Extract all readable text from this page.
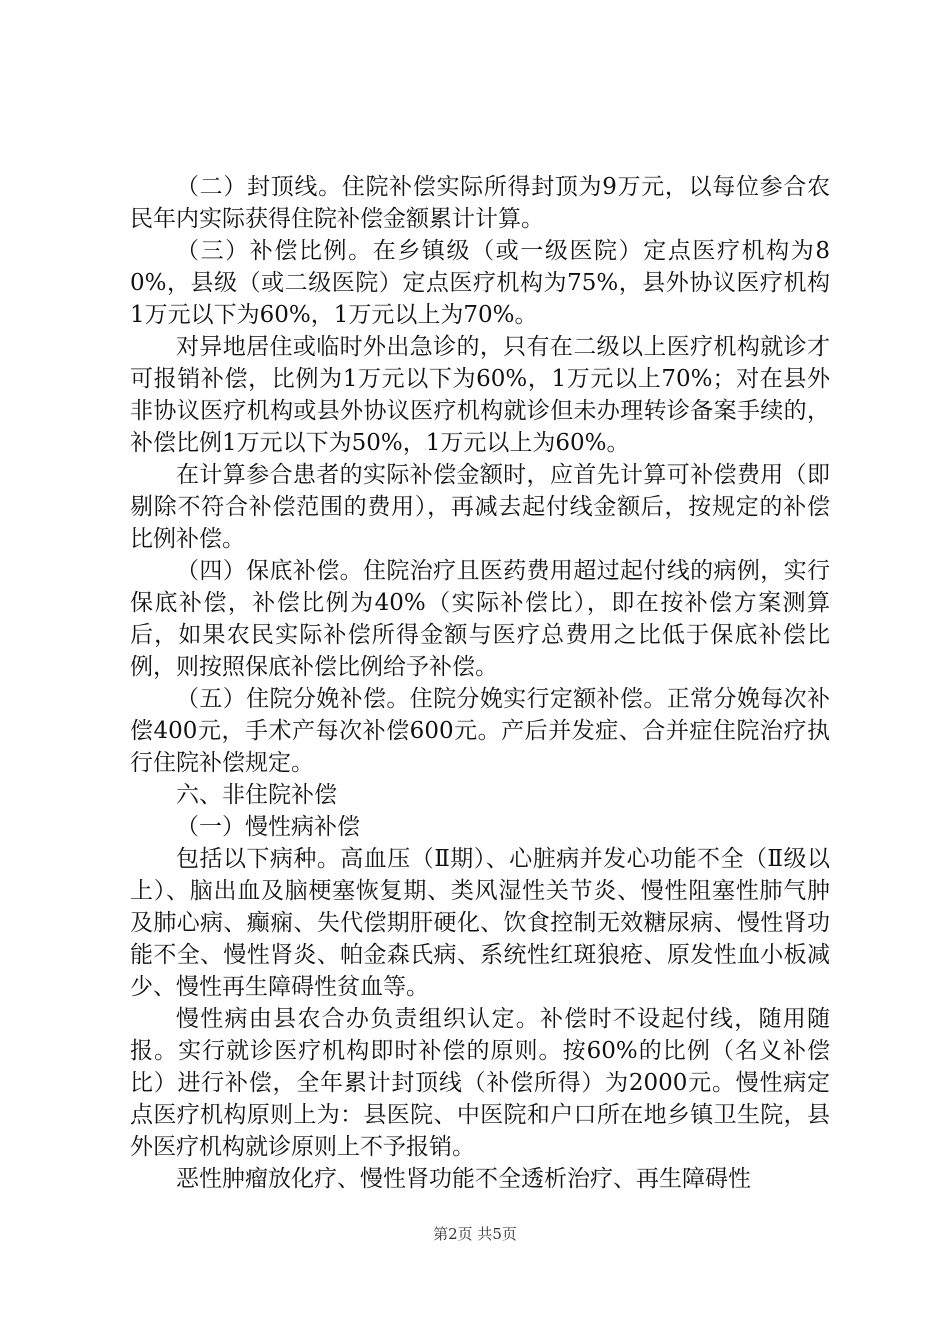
（二）封顶线。住院补偿实际所得封顶为9万元，以每位参合农民年内实际获得住院补偿金额累计计算。

（三）补偿比例。在乡镇级（或一级医院）定点医疗机构为80%，县级（或二级医院）定点医疗机构为75%，县外协议医疗机构1万元以下为60%，1万元以上为70%。

对异地居住或临时外出急诊的，只有在二级以上医疗机构就诊才可报销补偿，比例为1万元以下为60%，1万元以上70%；对在县外非协议医疗机构或县外协议医疗机构就诊但未办理转诊备案手续的，补偿比例1万元以下为50%，1万元以上为60%。

在计算参合患者的实际补偿金额时，应首先计算可补偿费用（即剔除不符合补偿范围的费用），再减去起付线金额后，按规定的补偿比例补偿。

（四）保底补偿。住院治疗且医药费用超过起付线的病例，实行保底补偿，补偿比例为40%（实际补偿比），即在按补偿方案测算后，如果农民实际补偿所得金额与医疗总费用之比低于保底补偿比例，则按照保底补偿比例给予补偿。

（五）住院分娩补偿。住院分娩实行定额补偿。正常分娩每次补偿400元，手术产每次补偿600元。产后并发症、合并症住院治疗执行住院补偿规定。

六、非住院补偿

（一）慢性病补偿

包括以下病种。高血压（Ⅱ期）、心脏病并发心功能不全（Ⅱ级以上）、脑出血及脑梗塞恢复期、类风湿性关节炎、慢性阻塞性肺气肿及肺心病、癫痫、失代偿期肝硬化、饮食控制无效糖尿病、慢性肾功能不全、慢性肾炎、帕金森氏病、系统性红斑狼疮、原发性血小板减少、慢性再生障碍性贫血等。

慢性病由县农合办负责组织认定。补偿时不设起付线，随用随报。实行就诊医疗机构即时补偿的原则。按60%的比例（名义补偿比）进行补偿，全年累计封顶线（补偿所得）为2000元。慢性病定点医疗机构原则上为：县医院、中医院和户口所在地乡镇卫生院，县外医疗机构就诊原则上不予报销。

恶性肿瘤放化疗、慢性肾功能不全透析治疗、再生障碍性

第2页 共5页
